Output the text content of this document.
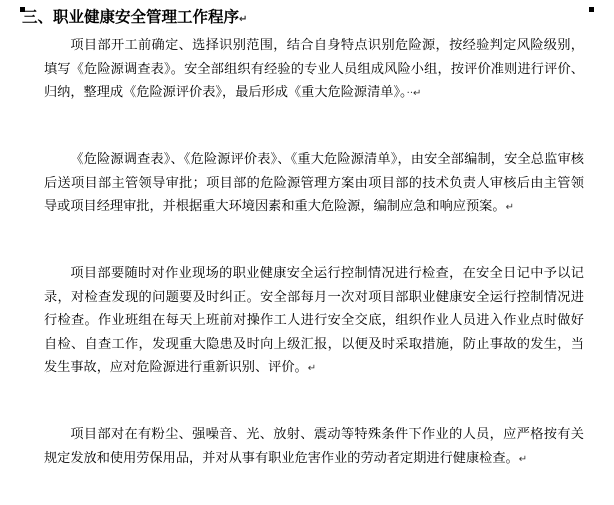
三、职业健康安全管理工作程序↵

项目部开工前确定、选择识别范围，结合自身特点识别危险源，按经验判定风险级别，填写《危险源调查表》。安全部组织有经验的专业人员组成风险小组，按评价准则进行评价、归纳，整理成《危险源评价表》，最后形成《重大危险源清单》。··↵

《危险源调查表》、《危险源评价表》、《重大危险源清单》，由安全部编制，安全总监审核后送项目部主管领导审批；项目部的危险源管理方案由项目部的技术负责人审核后由主管领导或项目经理审批，并根据重大环境因素和重大危险源，编制应急和响应预案。↵

项目部要随时对作业现场的职业健康安全运行控制情况进行检查，在安全日记中予以记录，对检查发现的问题要及时纠正。安全部每月一次对项目部职业健康安全运行控制情况进行检查。作业班组在每天上班前对操作工人进行安全交底，组织作业人员进入作业点时做好自检、自查工作，发现重大隐患及时向上级汇报，以便及时采取措施，防止事故的发生，当发生事故，应对危险源进行重新识别、评价。↵

项目部对在有粉尘、强噪音、光、放射、震动等特殊条件下作业的人员，应严格按有关规定发放和使用劳保用品，并对从事有职业危害作业的劳动者定期进行健康检查。↵
